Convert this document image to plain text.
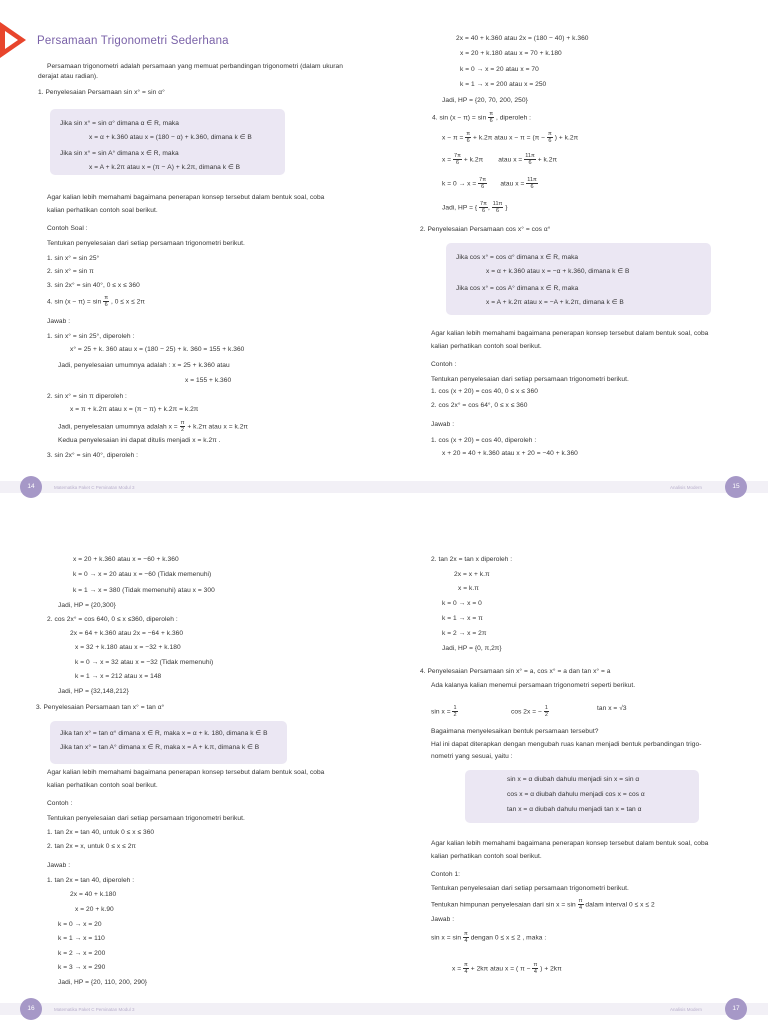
Persamaan Trigonometri Sederhana
Persamaan trigonometri adalah persamaan yang memuat perbandingan trigonometri (dalam ukuran
derajat atau radian).
1. Penyelesaian Persamaan sin x° = sin α°
Jika sin x° = sin α° dimana α ∈ R, maka
x = α + k.360 atau x = (180 − α) + k.360, dimana k ∈ B
Jika sin x° = sin A° dimana x ∈ R, maka
x = A + k.2π atau x = (π − A) + k.2π, dimana k ∈ B
Agar kalian lebih memahami bagaimana penerapan konsep tersebut dalam bentuk soal, coba
kalian perhatikan contoh soal berikut.
Contoh Soal :
Tentukan penyelesaian dari setiap persamaan trigonometri berikut.
1. sin x° = sin 25°
2. sin x° = sin π
3. sin 2x° = sin 40°, 0 ≤ x ≤ 360
4. $\sin (x - \pi) = \sin \frac{\pi}{6}$ , 0 ≤ x ≤ 2π
Jawab :
1. sin x° = sin 25°, diperoleh :
x° = 25 + k. 360 atau x = (180 − 25) + k. 360 = 155 + k.360
Jadi, penyelesaian umumnya adalah : x = 25 + k.360 atau
x = 155 + k.360
2. sin x° = sin π diperoleh :
x = π + k.2π atau x = (π − π) + k.2π = k.2π
Jadi, penyelesaian umumnya adalah $x = \frac{\pi}{2} + k.2\pi$ atau x = k.2π
Kedua penyelesaian ini dapat ditulis menjadi x = k.2π .
3. sin 2x° = sin 40°, diperoleh :
14	Matematika Paket C Peminatan Modul 3
2x = 40 + k.360 atau 2x = (180 − 40) + k.360
x = 20 + k.180 atau x = 70 + k.180
k = 0 → x = 20 atau x = 70
k = 1 → x = 200 atau x = 250
Jadi, HP = {20, 70, 200, 250}
4. $\sin (x - \pi) = \sin \frac{\pi}{6}$ , diperoleh :
$x - \pi = \frac{\pi}{6} + k.2\pi$ atau $x - \pi = (\pi - \frac{\pi}{6}$ ) + k.2π
$x = \frac{7\pi}{6} + k.2\pi$ atau $x = \frac{11\pi}{6} + k.2\pi$
$k = 0 \to x = \frac{7\pi}{6}$ atau $x = \frac{11\pi}{6}$
Jadi, HP = { $\frac{7\pi}{6}$ , $\frac{11\pi}{6}$ }
2. Penyelesaian Persamaan cos x° = cos α°
Jika cos x° = cos α° dimana x ∈ R, maka
x = α + k.360 atau x = −α + k.360, dimana k ∈ B
Jika cos x° = cos A° dimana x ∈ R, maka
x = A + k.2π atau x = −A + k.2π, dimana k ∈ B
Agar kalian lebih memahami bagaimana penerapan konsep tersebut dalam bentuk soal, coba
kalian perhatikan contoh soal berikut.
Contoh :
Tentukan penyelesaian dari setiap persamaan trigonometri berikut.
1. cos (x + 20) = cos 40, 0 ≤ x ≤ 360
2. cos 2x° = cos 64°, 0 ≤ x ≤ 360
Jawab :
1. cos (x + 20) = cos 40, diperoleh :
x + 20 = 40 + k.360 atau x + 20 = −40 + k.360
Analisis Modern	15
x = 20 + k.360 atau x = −60 + k.360
k = 0 → x = 20 atau x = −60 (Tidak memenuhi)
k = 1 → x = 380 (Tidak memenuhi) atau x = 300
Jadi, HP = {20,300}
2. cos 2x° = cos 640, 0 ≤ x ≤360, diperoleh :
2x = 64 + k.360 atau 2x = −64 + k.360
x = 32 + k.180 atau x = −32 + k.180
k = 0 → x = 32 atau x = −32 (Tidak memenuhi)
k = 1 → x = 212 atau x = 148
Jadi, HP = {32,148,212}
3. Penyelesaian Persamaan tan x° = tan α°
Jika tan x° = tan α° dimana x ∈ R, maka x = α + k. 180, dimana k ∈ B
Jika tan x° = tan A° dimana x ∈ R, maka x = A + k.π, dimana k ∈ B
Agar kalian lebih memahami bagaimana penerapan konsep tersebut dalam bentuk soal, coba
kalian perhatikan contoh soal berikut.
Contoh :
Tentukan penyelesaian dari setiap persamaan trigonometri berikut.
1. tan 2x = tan 40, untuk 0 ≤ x ≤ 360
2. tan 2x = x, untuk 0 ≤ x ≤ 2π
Jawab :
1. tan 2x = tan 40, diperoleh :
2x = 40 + k.180
x = 20 + k.90
k = 0 → x = 20
k = 1 → x = 110
k = 2 → x = 200
k = 3 → x = 290
Jadi, HP = {20, 110, 200, 290}
16	Matematika Paket C Peminatan Modul 3
2. tan 2x = tan x diperoleh :
2x = x + k.π
x = k.π
k = 0 → x = 0
k = 1 → x = π
k = 2 → x = 2π
Jadi, HP = {0, π,2π}
4. Penyelesaian Persamaan sin x° = a, cos x° = a dan tan x° = a
Ada kalanya kalian menemui persamaan trigonometri seperti berikut.
$\sin x = \frac{1}{2}$	cos 2x = − $\frac{1}{2}$	tan x = √3
Bagaimana menyelesaikan bentuk persamaan tersebut?
Hal ini dapat diterapkan dengan mengubah ruas kanan menjadi bentuk perbandingan trigo-
nometri yang sesuai, yaitu :
sin x = α diubah dahulu menjadi sin x = sin α
cos x = α diubah dahulu menjadi cos x = cos α
tan x = α diubah dahulu menjadi tan x = tan α
Agar kalian lebih memahami bagaimana penerapan konsep tersebut dalam bentuk soal, coba
kalian perhatikan contoh soal berikut.
Contoh 1:
Tentukan penyelesaian dari setiap persamaan trigonometri berikut.
Tentukan himpunan penyelesaian dari $\sin x = \sin \frac{\pi}{4}$ dalam interval 0 ≤ x ≤ 2
Jawab :
$\sin x = \sin \frac{\pi}{4}$ dengan 0 ≤ x ≤ 2 , maka :
$x = \frac{\pi}{4} + 2k\pi$ atau x = ( $\pi - \frac{\pi}{4}$ ) + 2kπ
Analisis Modern	17
